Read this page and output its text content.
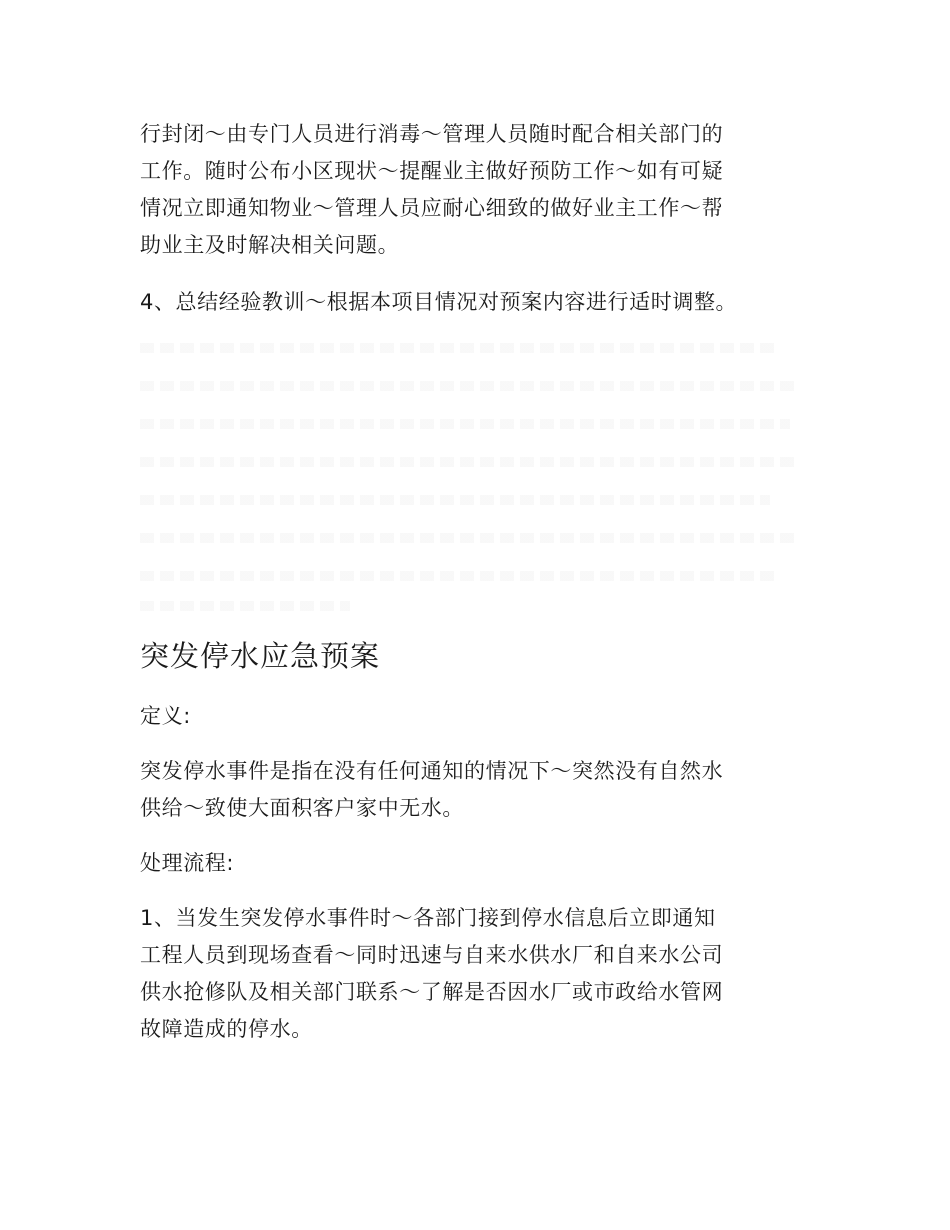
行封闭～由专门人员进行消毒～管理人员随时配合相关部门的
工作。随时公布小区现状～提醒业主做好预防工作～如有可疑
情况立即通知物业～管理人员应耐心细致的做好业主工作～帮
助业主及时解决相关问题。
4、总结经验教训～根据本项目情况对预案内容进行适时调整。
突发停水应急预案
定义:
突发停水事件是指在没有任何通知的情况下～突然没有自然水
供给～致使大面积客户家中无水。
处理流程:
1、当发生突发停水事件时～各部门接到停水信息后立即通知
工程人员到现场查看～同时迅速与自来水供水厂和自来水公司
供水抢修队及相关部门联系～了解是否因水厂或市政给水管网
故障造成的停水。
